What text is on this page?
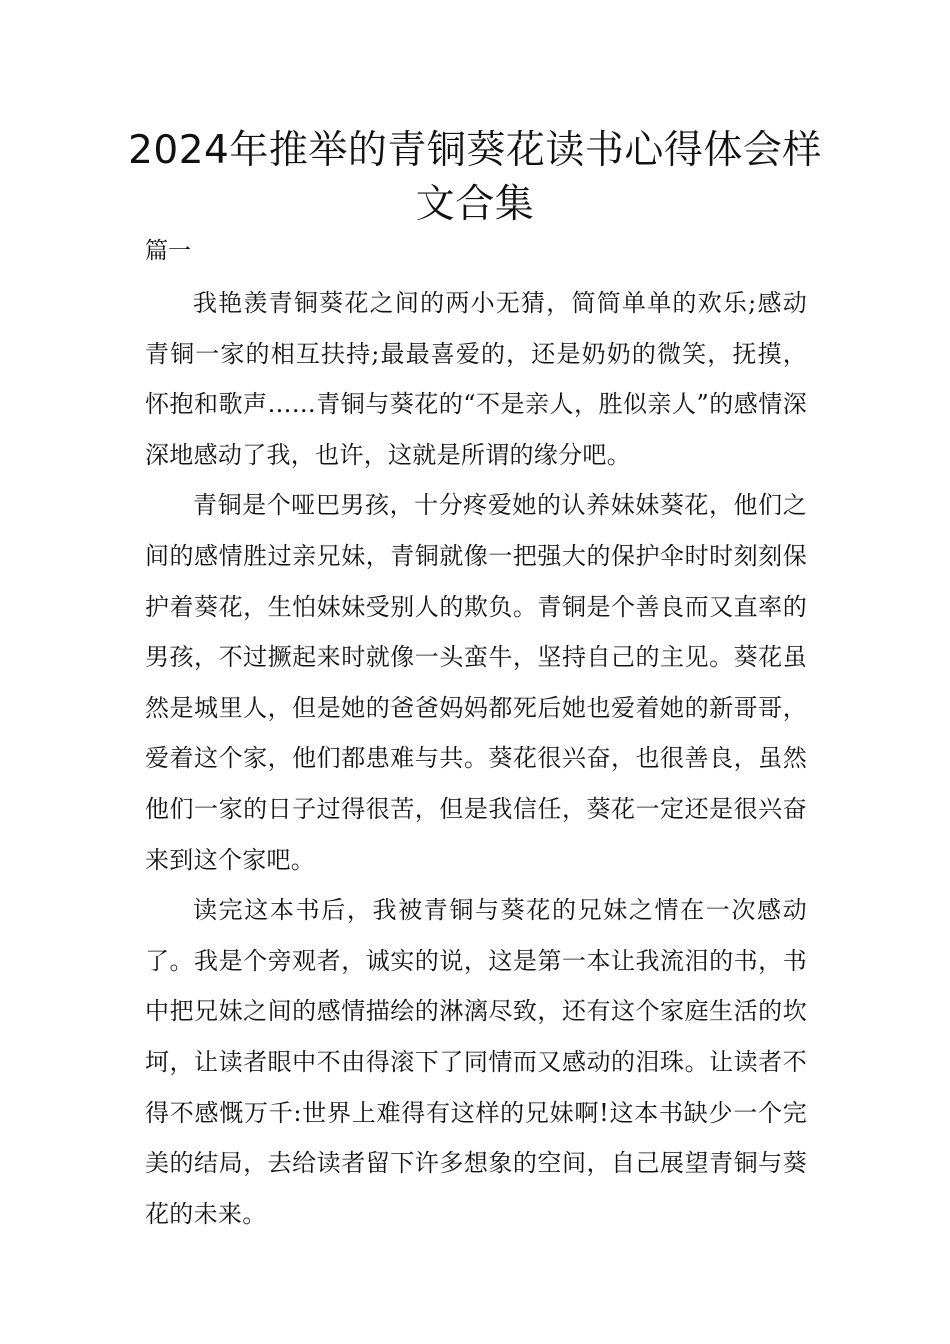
2024年推举的青铜葵花读书心得体会样文合集
篇一

我艳羡青铜葵花之间的两小无猜，简简单单的欢乐;感动青铜一家的相互扶持;最最喜爱的，还是奶奶的微笑，抚摸，怀抱和歌声……青铜与葵花的“不是亲人，胜似亲人”的感情深深地感动了我，也许，这就是所谓的缘分吧。

青铜是个哑巴男孩，十分疼爱她的认养妹妹葵花，他们之间的感情胜过亲兄妹，青铜就像一把强大的保护伞时时刻刻保护着葵花，生怕妹妹受别人的欺负。青铜是个善良而又直率的男孩，不过撅起来时就像一头蛮牛，坚持自己的主见。葵花虽然是城里人，但是她的爸爸妈妈都死后她也爱着她的新哥哥，爱着这个家，他们都患难与共。葵花很兴奋，也很善良，虽然他们一家的日子过得很苦，但是我信任，葵花一定还是很兴奋来到这个家吧。

读完这本书后，我被青铜与葵花的兄妹之情在一次感动了。我是个旁观者，诚实的说，这是第一本让我流泪的书，书中把兄妹之间的感情描绘的淋漓尽致，还有这个家庭生活的坎坷，让读者眼中不由得滚下了同情而又感动的泪珠。让读者不得不感慨万千:世界上难得有这样的兄妹啊!这本书缺少一个完美的结局，去给读者留下许多想象的空间，自己展望青铜与葵花的未来。
